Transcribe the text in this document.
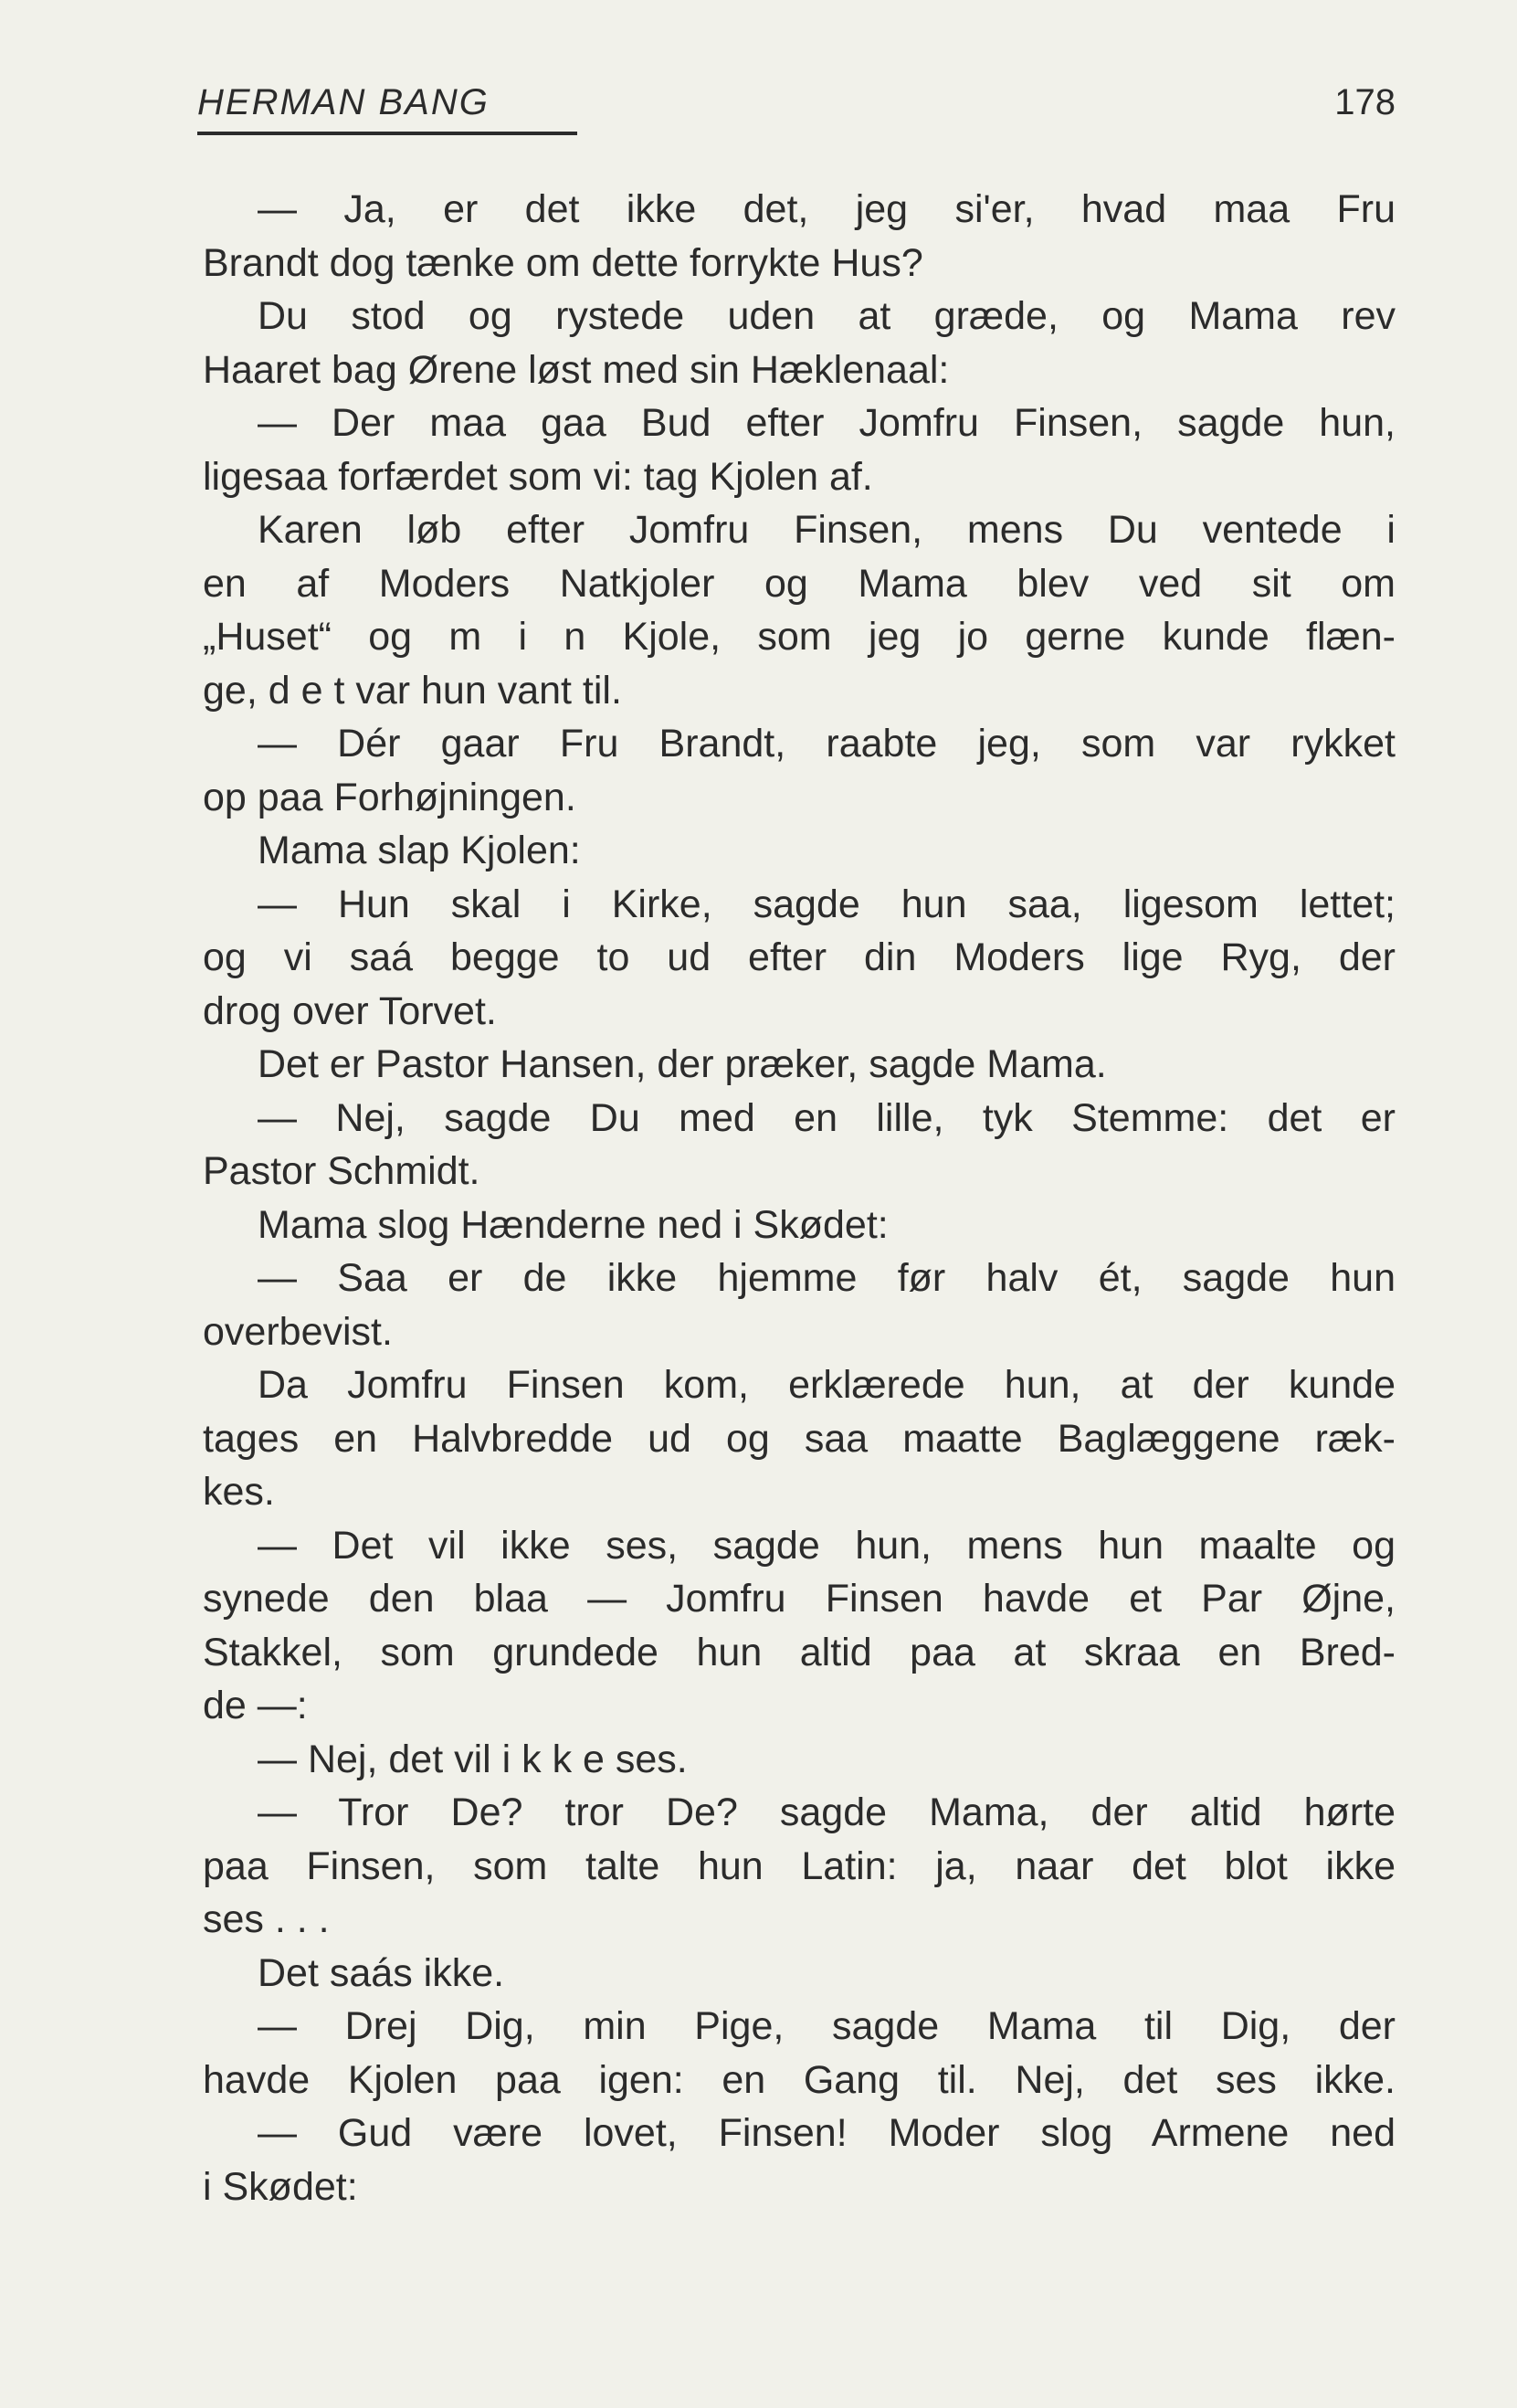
HERMAN BANG	178
— Ja, er det ikke det, jeg si'er, hvad maa Fru
Brandt dog tænke om dette forrykte Hus?
Du stod og rystede uden at græde, og Mama rev
Haaret bag Ørene løst med sin Hæklenaal:
— Der maa gaa Bud efter Jomfru Finsen, sagde hun,
ligesaa forfærdet som vi: tag Kjolen af.
Karen løb efter Jomfru Finsen, mens Du ventede i
en af Moders Natkjoler og Mama blev ved sit om
„Huset“ og m i n Kjole, som jeg jo gerne kunde flæn-
ge, d e t var hun vant til.
— Dér gaar Fru Brandt, raabte jeg, som var rykket
op paa Forhøjningen.
Mama slap Kjolen:
— Hun skal i Kirke, sagde hun saa, ligesom lettet;
og vi saá begge to ud efter din Moders lige Ryg, der
drog over Torvet.
Det er Pastor Hansen, der præker, sagde Mama.
— Nej, sagde Du med en lille, tyk Stemme: det er
Pastor Schmidt.
Mama slog Hænderne ned i Skødet:
— Saa er de ikke hjemme før halv ét, sagde hun
overbevist.
Da Jomfru Finsen kom, erklærede hun, at der kunde
tages en Halvbredde ud og saa maatte Baglæggene ræk-
kes.
— Det vil ikke ses, sagde hun, mens hun maalte og
synede den blaa — Jomfru Finsen havde et Par Øjne,
Stakkel, som grundede hun altid paa at skraa en Bred-
de —:
— Nej, det vil i k k e ses.
— Tror De? tror De? sagde Mama, der altid hørte
paa Finsen, som talte hun Latin: ja, naar det blot ikke
ses . . .
Det saás ikke.
— Drej Dig, min Pige, sagde Mama til Dig, der
havde Kjolen paa igen: en Gang til. Nej, det ses ikke.
— Gud være lovet, Finsen! Moder slog Armene ned
i Skødet:
